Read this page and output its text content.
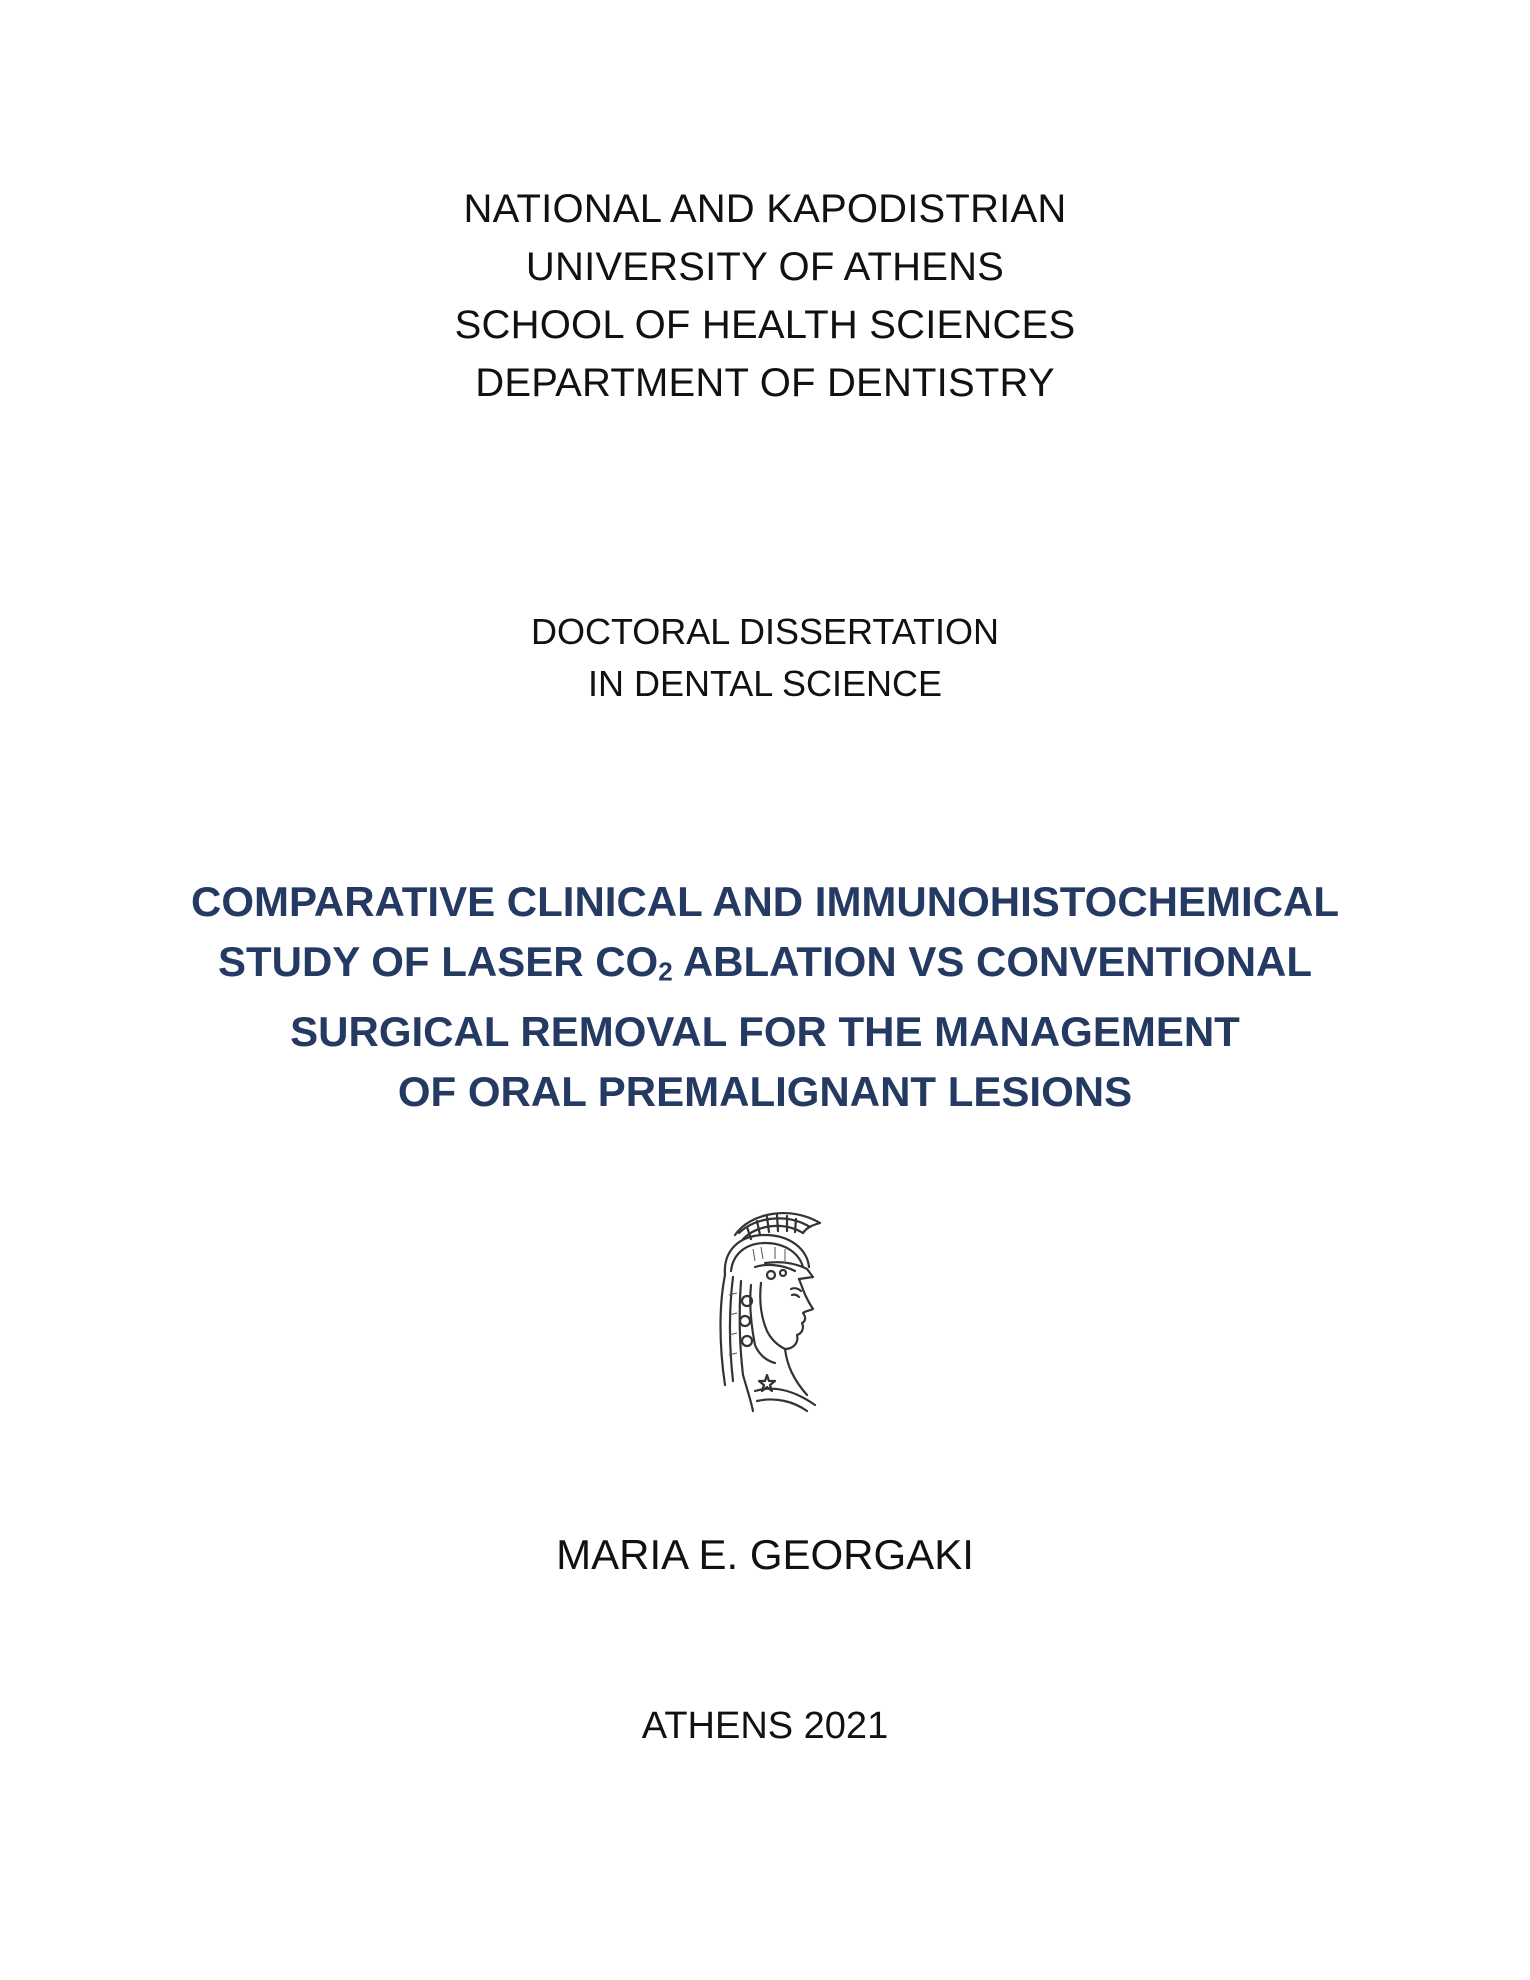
NATIONAL AND KAPODISTRIAN
UNIVERSITY OF ATHENS
SCHOOL OF HEALTH SCIENCES
DEPARTMENT OF DENTISTRY
DOCTORAL DISSERTATION
IN DENTAL SCIENCE
COMPARATIVE CLINICAL AND IMMUNOHISTOCHEMICAL
STUDY OF LASER $CO_2$ ABLATION VS CONVENTIONAL
SURGICAL REMOVAL FOR THE MANAGEMENT
OF ORAL PREMALIGNANT LESIONS
MARIA E. GEORGAKI
ATHENS 2021
